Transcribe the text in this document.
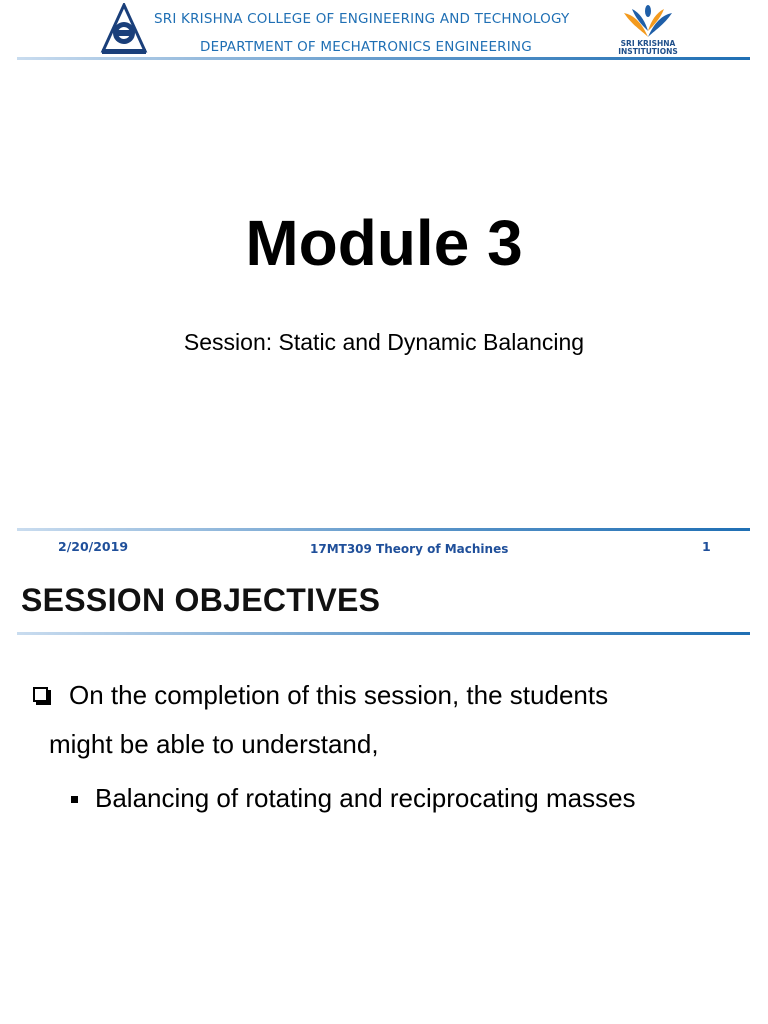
SRI KRISHNA COLLEGE OF ENGINEERING AND TECHNOLOGY
DEPARTMENT OF MECHATRONICS ENGINEERING	SRI KRISHNA INSTITUTIONS
Module 3
Session: Static and Dynamic Balancing
2/20/2019	17MT309 Theory of Machines	1
SESSION OBJECTIVES
On the completion of this session, the students
might be able to understand,
Balancing of rotating and reciprocating masses
